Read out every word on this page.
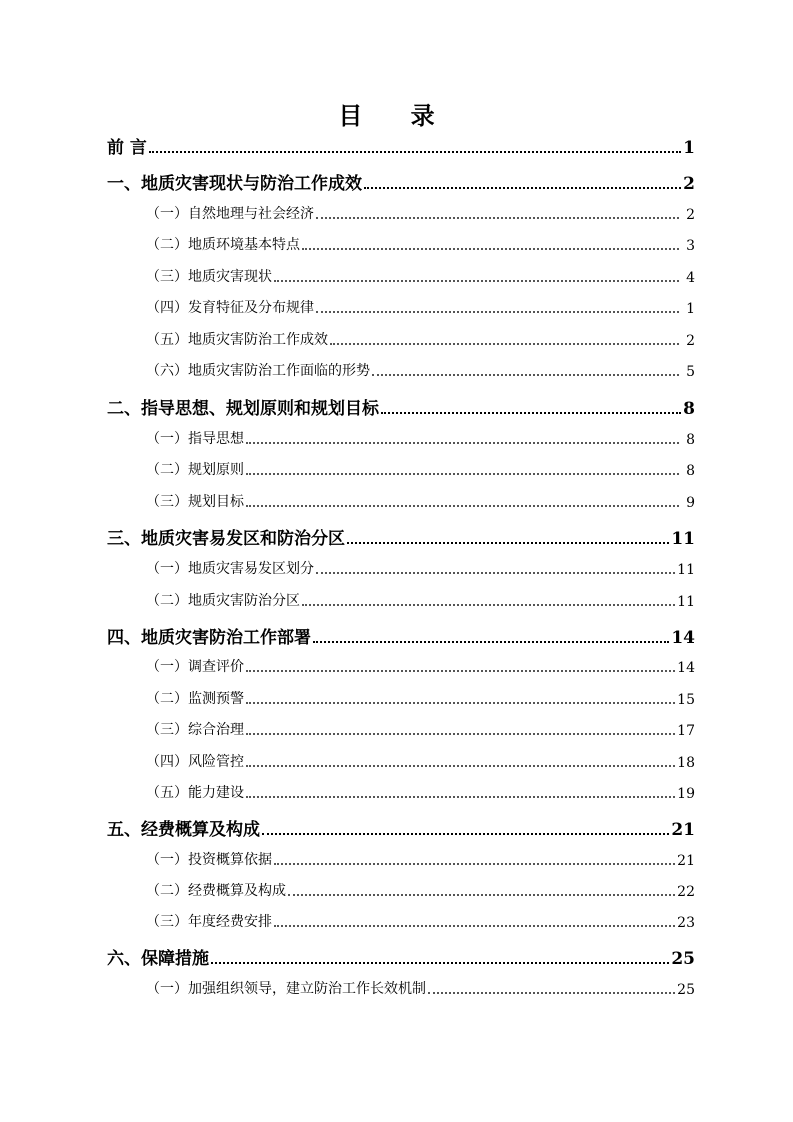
目 录
前 言	1
一、地质灾害现状与防治工作成效	2
（一）自然地理与社会经济	2
（二）地质环境基本特点	3
（三）地质灾害现状	4
（四）发育特征及分布规律	1
（五）地质灾害防治工作成效	2
（六）地质灾害防治工作面临的形势	5
二、指导思想、规划原则和规划目标	8
（一）指导思想	8
（二）规划原则	8
（三）规划目标	9
三、地质灾害易发区和防治分区	11
（一）地质灾害易发区划分	11
（二）地质灾害防治分区	11
四、地质灾害防治工作部署	14
（一）调查评价	14
（二）监测预警	15
（三）综合治理	17
（四）风险管控	18
（五）能力建设	19
五、经费概算及构成	21
（一）投资概算依据	21
（二）经费概算及构成	22
（三）年度经费安排	23
六、保障措施	25
（一）加强组织领导，建立防治工作长效机制	25
